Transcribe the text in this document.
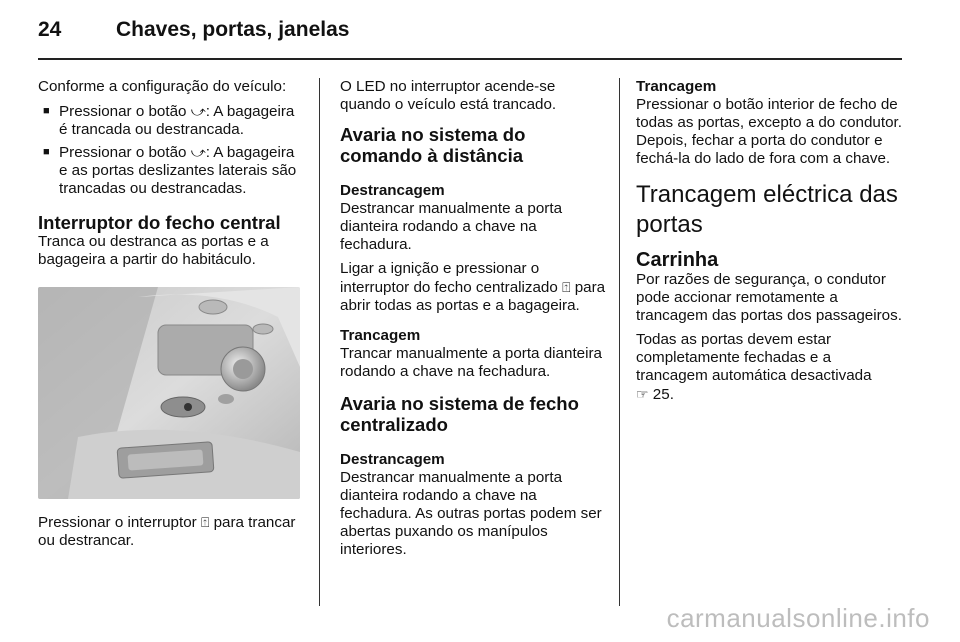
24	Chaves, portas, janelas

Conforme a configuração do veículo:

■ Pressionar o botão ⤻: A bagageira é trancada ou destrancada.
■ Pressionar o botão ⤻: A bagageira e as portas deslizantes laterais são trancadas ou destrancadas.
Interruptor do fecho central

Tranca ou destranca as portas e a bagageira a partir do habitáculo.

Pressionar o interruptor ⍐ para trancar ou destrancar.

O LED no interruptor acende-se quando o veículo está trancado.

Avaria no sistema do comando à distância
Destrancagem

Destrancar manualmente a porta dianteira rodando a chave na fechadura.

Ligar a ignição e pressionar o interruptor do fecho centralizado ⍐ para abrir todas as portas e a bagageira.

Trancagem

Trancar manualmente a porta dianteira rodando a chave na fechadura.

Avaria no sistema de fecho centralizado
Destrancagem

Destrancar manualmente a porta dianteira rodando a chave na fechadura. As outras portas podem ser abertas puxando os manípulos interiores.

Trancagem

Pressionar o botão interior de fecho de todas as portas, excepto a do condutor. Depois, fechar a porta do condutor e fechá-la do lado de fora com a chave.

Trancagem eléctrica das portas
Carrinha

Por razões de segurança, o condutor pode accionar remotamente a trancagem das portas dos passageiros.

Todas as portas devem estar completamente fechadas e a trancagem automática desactivada
☞ 25.

carmanualsonline.info
